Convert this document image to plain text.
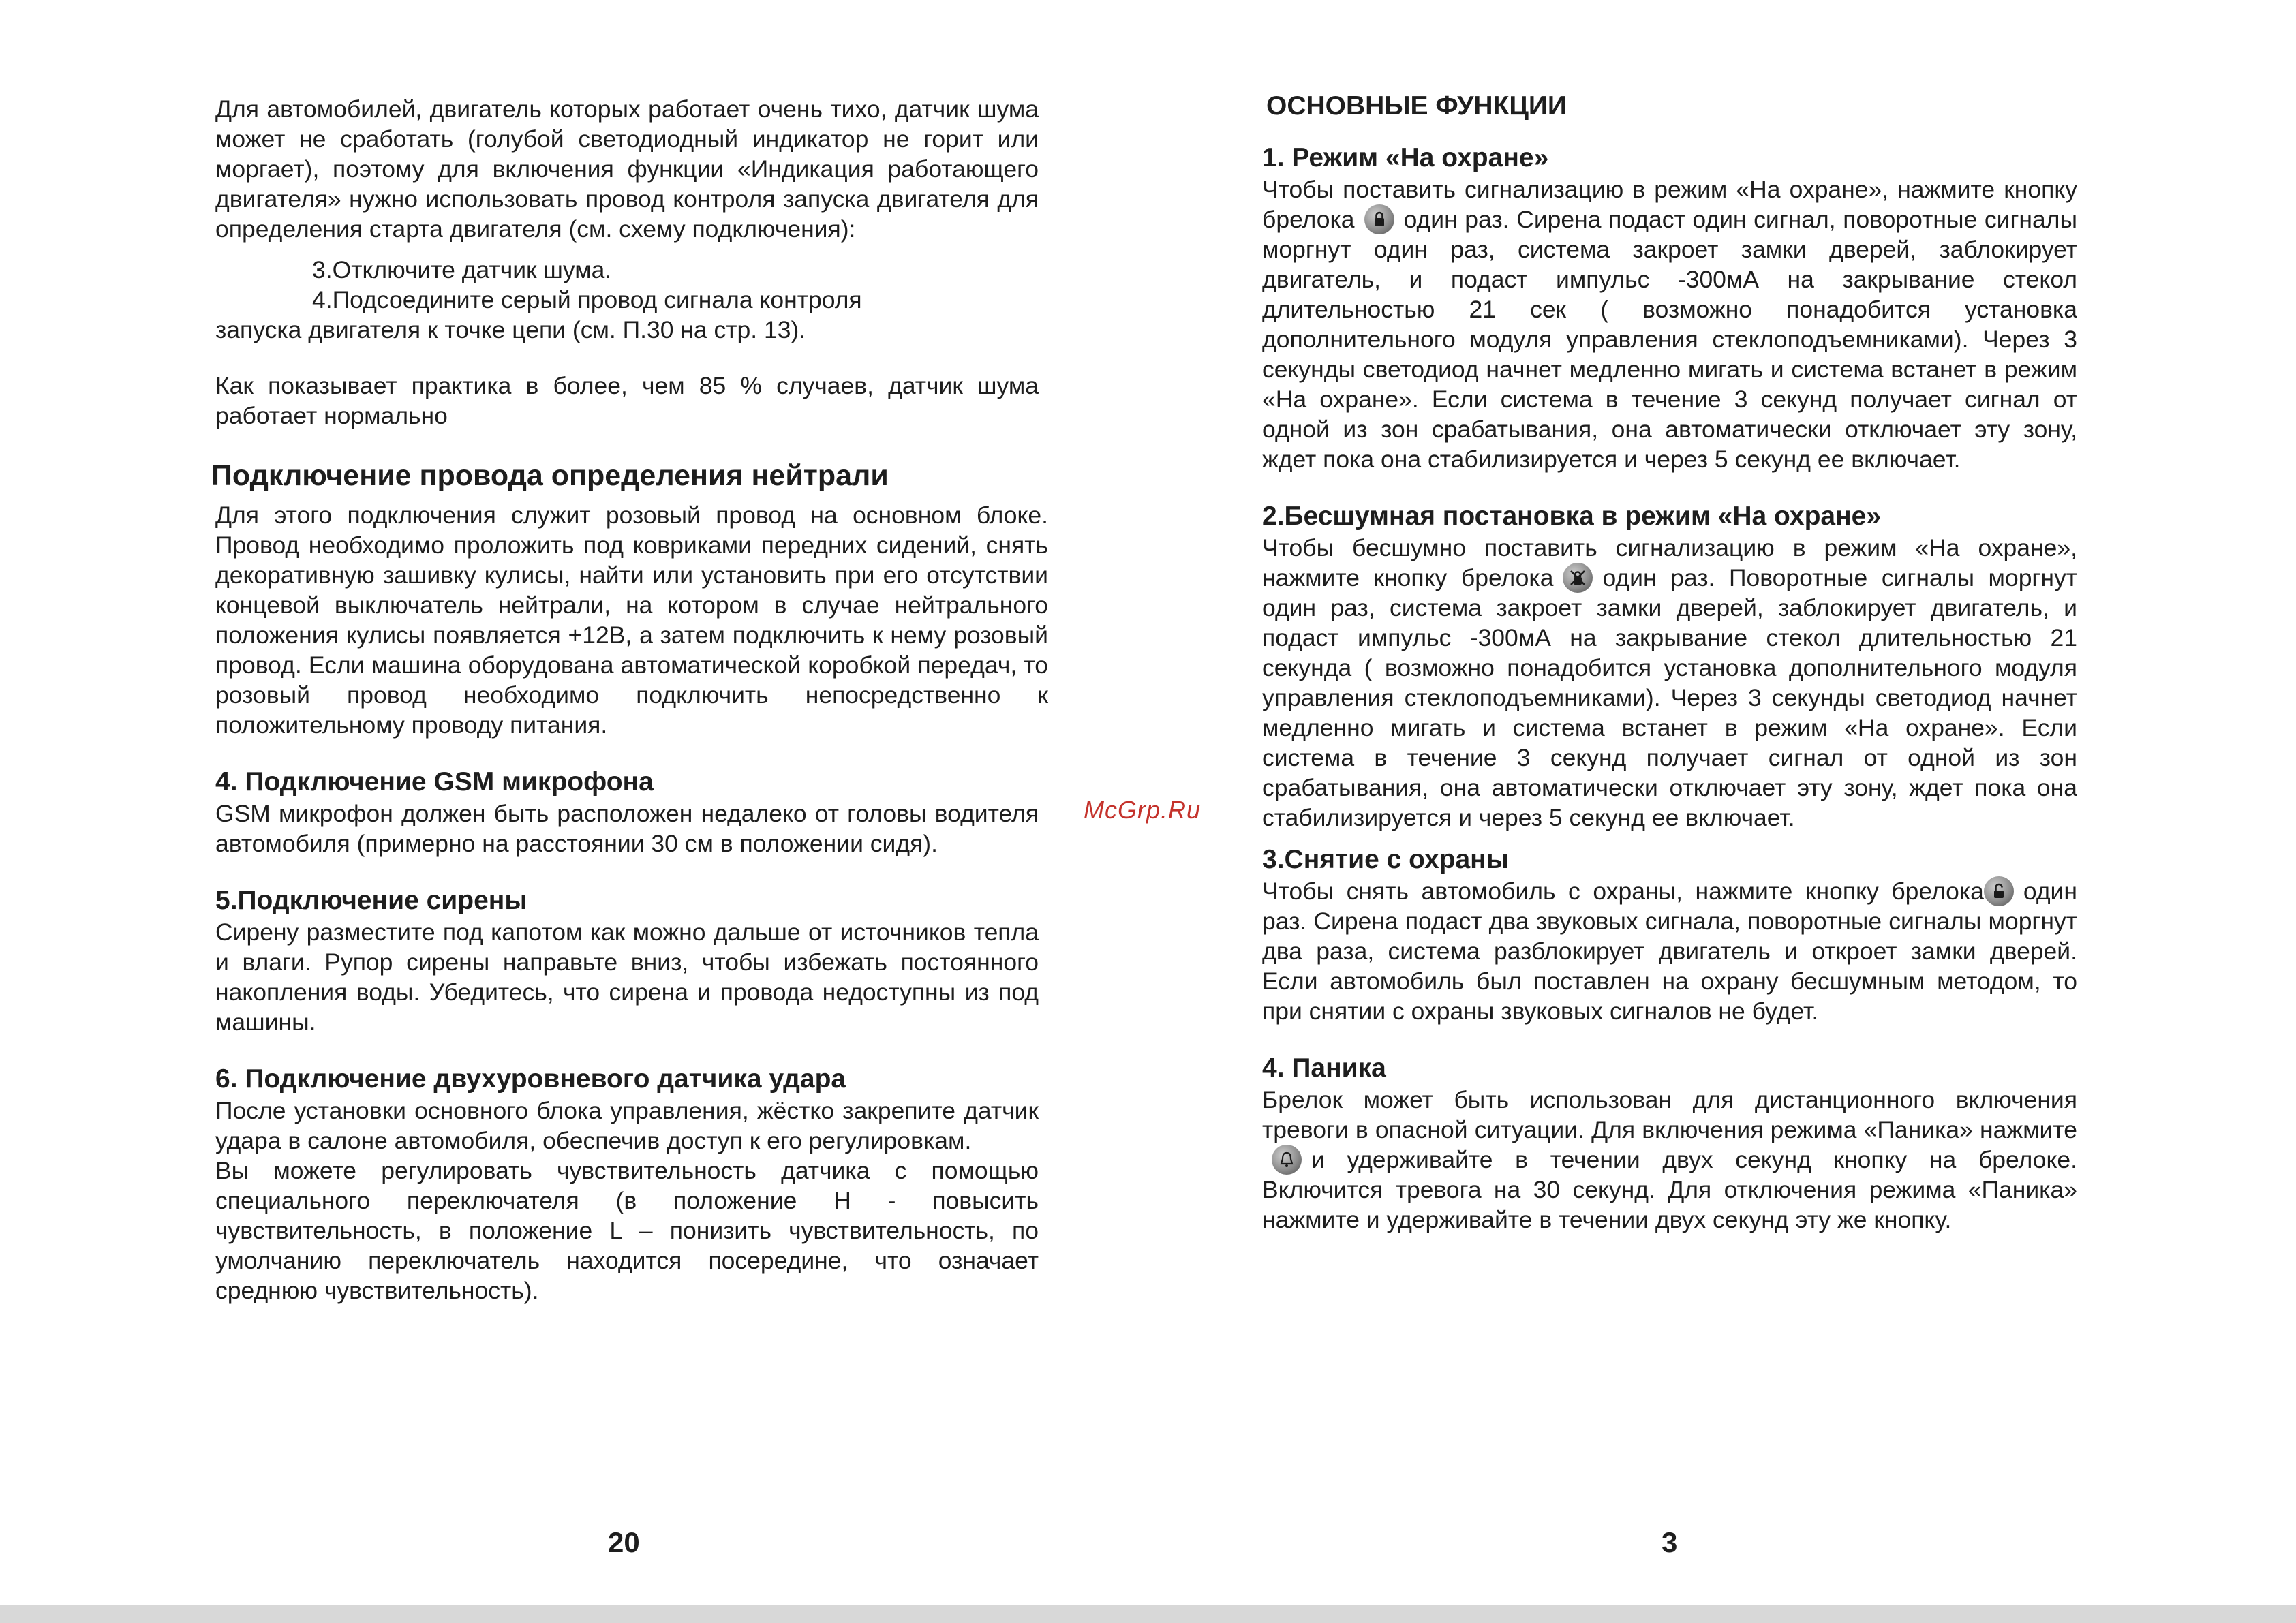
Для автомобилей, двигатель которых работает очень тихо, датчик шума может не сработать (голубой светодиодный индикатор не горит или моргает), поэтому для включения функции «Индикация работающего двигателя» нужно использовать провод контроля запуска двигателя для определения старта двигателя (см. схему подключения):

3.Отключите датчик шума.

4.Подсоедините серый провод сигнала контроля

запуска двигателя к точке цепи (см. П.30 на стр. 13).

Как показывает практика в более, чем 85 % случаев, датчик шума работает нормально

Подключение провода определения нейтрали

Для этого подключения служит розовый провод на основном блоке. Провод необходимо проложить под ковриками передних сидений, снять декоративную зашивку кулисы, найти или установить при его отсутствии концевой выключатель нейтрали, на котором в случае нейтрального положения кулисы появляется +12В, а затем подключить к нему розовый провод. Если машина оборудована автоматической коробкой передач, то розовый провод необходимо подключить непосредственно к положительному проводу питания.

4. Подключение GSM микрофона

GSM микрофон должен быть расположен недалеко от головы водителя автомобиля (примерно на расстоянии 30 см в положении сидя).

5.Подключение сирены

Сирену разместите под капотом как можно дальше от источников тепла и влаги. Рупор сирены направьте вниз, чтобы избежать постоянного накопления воды. Убедитесь, что сирена и провода недоступны из под машины.

6. Подключение двухуровневого датчика удара

После установки основного блока управления, жёстко закрепите датчик удара в салоне автомобиля, обеспечив доступ к его регулировкам.

Вы можете регулировать чувствительность датчика с помощью специального переключателя (в положение H - повысить чувствительность, в положение L – понизить чувствительность, по умолчанию переключатель находится посередине, что означает среднюю чувствительность).

20
ОСНОВНЫЕ ФУНКЦИИ
1. Режим «На охране»

Чтобы поставить сигнализацию в режим «На охране», нажмите кнопку брелока один раз. Сирена подаст один сигнал, поворотные сигналы моргнут один раз, система закроет замки дверей, заблокирует двигатель, и подаст импульс -300мА на закрывание стекол длительностью 21 сек ( возможно понадобится установка дополнительного модуля управления стеклоподъемниками). Через 3 секунды светодиод начнет медленно мигать и система встанет в режим «На охране». Если система в течение 3 секунд получает сигнал от одной из зон срабатывания, она автоматически отключает эту зону, ждет пока она стабилизируется и через 5 секунд ее включает.

2.Бесшумная постановка в режим «На охране»

Чтобы бесшумно поставить сигнализацию в режим «На охране», нажмите кнопку брелока один раз. Поворотные сигналы моргнут один раз, система закроет замки дверей, заблокирует двигатель, и подаст импульс -300мА на закрывание стекол длительностью 21 секунда ( возможно понадобится установка дополнительного модуля управления стеклоподъемниками). Через 3 секунды светодиод начнет медленно мигать и система встанет в режим «На охране». Если система в течение 3 секунд получает сигнал от одной из зон срабатывания, она автоматически отключает эту зону, ждет пока она стабилизируется и через 5 секунд ее включает.

3.Снятие с охраны

Чтобы снять автомобиль с охраны, нажмите кнопку брелока один раз. Сирена подаст два звуковых сигнала, поворотные сигналы моргнут два раза, система разблокирует двигатель и откроет замки дверей. Если автомобиль был поставлен на охрану бесшумным методом, то при снятии с охраны звуковых сигналов не будет.

4. Паника

Брелок может быть использован для дистанционного включения тревоги в опасной ситуации. Для включения режима «Паника» нажмите
и удерживайте в течении двух секунд кнопку на брелоке. Включится тревога на 30 секунд. Для отключения режима «Паника» нажмите и удерживайте в течении двух секунд эту же кнопку.

3
McGrp.Ru
